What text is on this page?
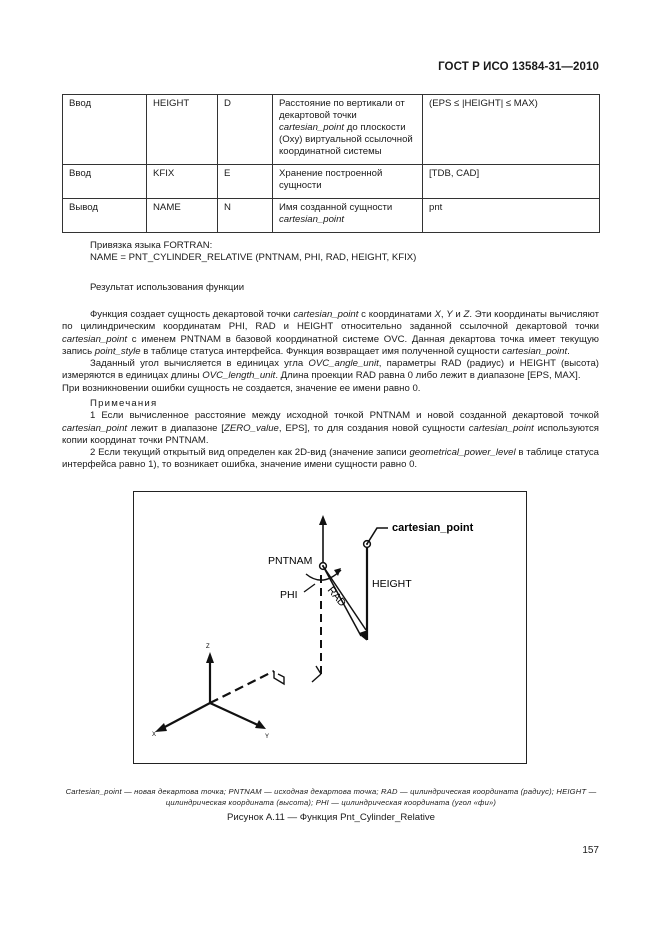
ГОСТ Р ИСО 13584-31—2010
Ввод	HEIGHT	D	Расстояние по вертикали от декартовой точки cartesian_point до плоскости (Oxy) виртуальной ссылочной координатной системы	(EPS ≤ |HEIGHT| ≤ MAX)
Ввод	KFIX	E	Хранение построенной сущности	[TDB, CAD]
Вывод	NAME	N	Имя созданной сущности cartesian_point	pnt

Привязка языка FORTRAN:

NAME = PNT_CYLINDER_RELATIVE (PNTNAM, PHI, RAD, HEIGHT, KFIX)

Результат использования функции

Функция создает сущность декартовой точки cartesian_point с координатами X, Y и Z. Эти координаты вычисляют по цилиндрическим координатам PHI, RAD и HEIGHT относительно заданной ссылочной декартовой точки cartesian_point с именем PNTNAM в базовой координатной системе OVC. Данная декартова точка имеет текущую запись point_style в таблице статуса интерфейса. Функция возвращает имя полученной сущности cartesian_point.

Заданный угол вычисляется в единицах угла OVC_angle_unit, параметры RAD (радиус) и HEIGHT (высота) измеряются в единицах длины OVC_length_unit. Длина проекции RAD равна 0 либо лежит в диапазоне [EPS, MAX].

При возникновении ошибки сущность не создается, значение ее имени равно 0.

Примечания

1 Если вычисленное расстояние между исходной точкой PNTNAM и новой созданной декартовой точкой cartesian_point лежит в диапазоне [ZERO_value, EPS], то для создания новой сущности cartesian_point используются копии координат точки PNTNAM.

2 Если текущий открытый вид определен как 2D-вид (значение записи geometrical_power_level в таблице статуса интерфейса равно 1), то возникает ошибка, значение имени сущности равно 0.

Z
X	Y
PNTNAM
PHI	RAD
HEIGHT
cartesian_point
Cartesian_point — новая декартова точка; PNTNAM — исходная декартова точка; RAD — цилиндрическая координата (радиус); HEIGHT — цилиндрическая координата (высота); PHI — цилиндрическая координата (угол «фи»)
Рисунок А.11 — Функция Pnt_Cylinder_Relative
157
